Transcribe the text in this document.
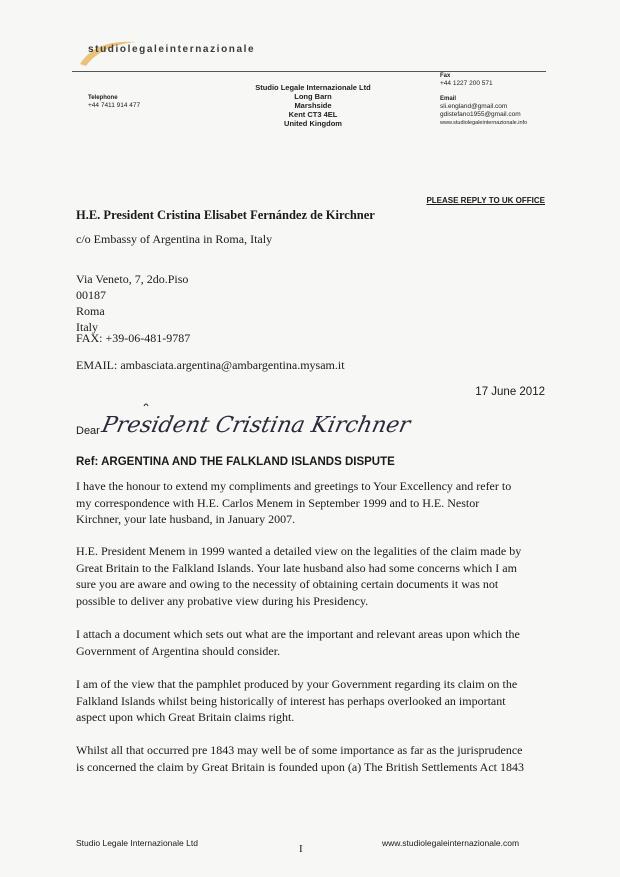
studiolegaleinternazionale
Telephone
+44 7411 914 477
Studio Legale Internazionale Ltd
Long Barn
Marshside
Kent CT3 4EL
United Kingdom
Fax
+44 1227 200 571
Email
sli.england@gmail.com
gdistefano1955@gmail.com
www.studiolegaleinternazionale.info
PLEASE REPLY TO UK OFFICE
H.E. President Cristina Elisabet Fernández de Kirchner
c/o Embassy of Argentina in Roma, Italy
Via Veneto, 7, 2do.Piso
00187
Roma
Italy
FAX: +39-06-481-9787
EMAIL: ambasciata.argentina@ambargentina.mysam.it
17 June 2012
Dear President Cristina Kirchner
Ref: ARGENTINA AND THE FALKLAND ISLANDS DISPUTE
I have the honour to extend my compliments and greetings to Your Excellency and refer to
my correspondence with H.E. Carlos Menem in September 1999 and to H.E. Nestor
Kirchner, your late husband, in January 2007.
H.E. President Menem in 1999 wanted a detailed view on the legalities of the claim made by
Great Britain to the Falkland Islands. Your late husband also had some concerns which I am
sure you are aware and owing to the necessity of obtaining certain documents it was not
possible to deliver any probative view during his Presidency.
I attach a document which sets out what are the important and relevant areas upon which the
Government of Argentina should consider.
I am of the view that the pamphlet produced by your Government regarding its claim on the
Falkland Islands whilst being historically of interest has perhaps overlooked an important
aspect upon which Great Britain claims right.
Whilst all that occurred pre 1843 may well be of some importance as far as the jurisprudence
is concerned the claim by Great Britain is founded upon (a) The British Settlements Act 1843
Studio Legale Internazionale Ltd	I	www.studiolegaleinternazionale.com
